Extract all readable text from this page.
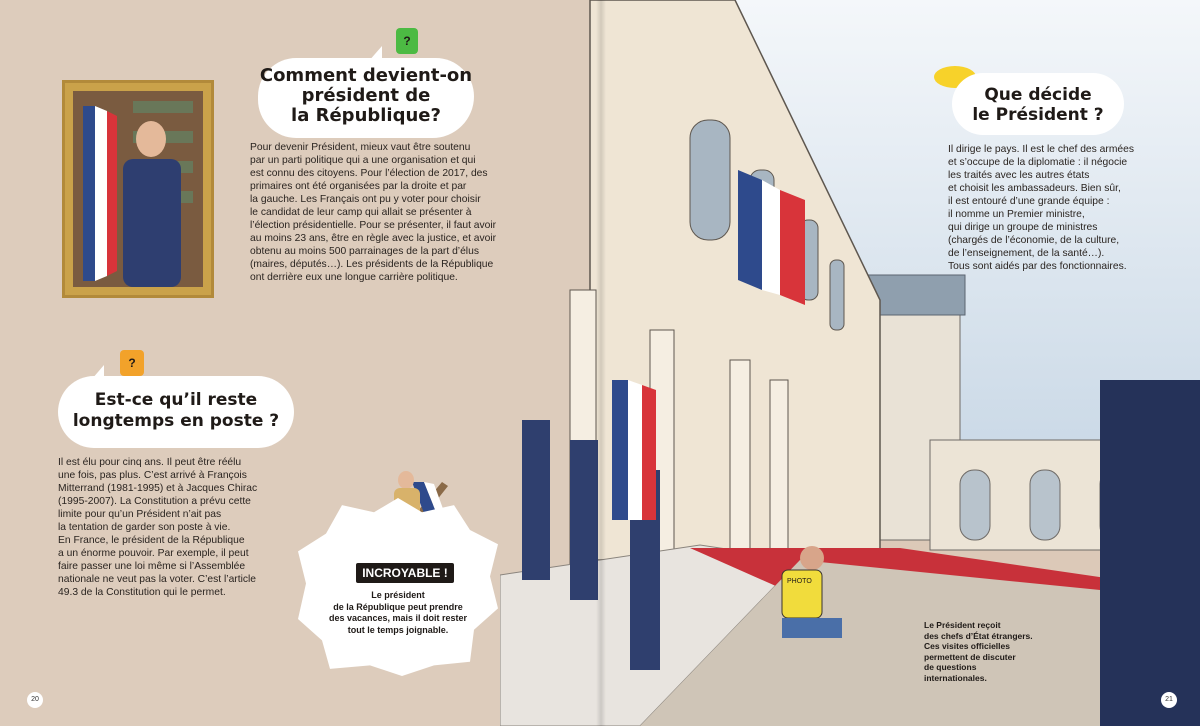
PHOTO
?
?
Comment devient-on
président de
la République?
Pour devenir Président, mieux vaut être soutenu
par un parti politique qui a une organisation et qui
est connu des citoyens. Pour l’élection de 2017, des
primaires ont été organisées par la droite et par
la gauche. Les Français ont pu y voter pour choisir
le candidat de leur camp qui allait se présenter à
l’élection présidentielle. Pour se présenter, il faut avoir
au moins 23 ans, être en règle avec la justice, et avoir
obtenu au moins 500 parrainages de la part d’élus
(maires, députés…). Les présidents de la République
ont derrière eux une longue carrière politique.
Est-ce qu’il reste
longtemps en poste ?
Il est élu pour cinq ans. Il peut être réélu
une fois, pas plus. C’est arrivé à François
Mitterrand (1981-1995) et à Jacques Chirac
(1995-2007). La Constitution a prévu cette
limite pour qu’un Président n’ait pas
la tentation de garder son poste à vie.
En France, le président de la République
a un énorme pouvoir. Par exemple, il peut
faire passer une loi même si l’Assemblée
nationale ne veut pas la voter. C’est l’article
49.3 de la Constitution qui le permet.
Que décide
le Président ?
Il dirige le pays. Il est le chef des armées
et s’occupe de la diplomatie : il négocie
les traités avec les autres états
et choisit les ambassadeurs. Bien sûr,
il est entouré d’une grande équipe :
il nomme un Premier ministre,
qui dirige un groupe de ministres
(chargés de l’économie, de la culture,
de l’enseignement, de la santé…).
Tous sont aidés par des fonctionnaires.
INCROYABLE !
Le président
de la République peut prendre
des vacances, mais il doit rester
tout le temps joignable.	Le Président reçoit
des chefs d’État étrangers.
Ces visites officielles
permettent de discuter
de questions
internationales.
20	21
